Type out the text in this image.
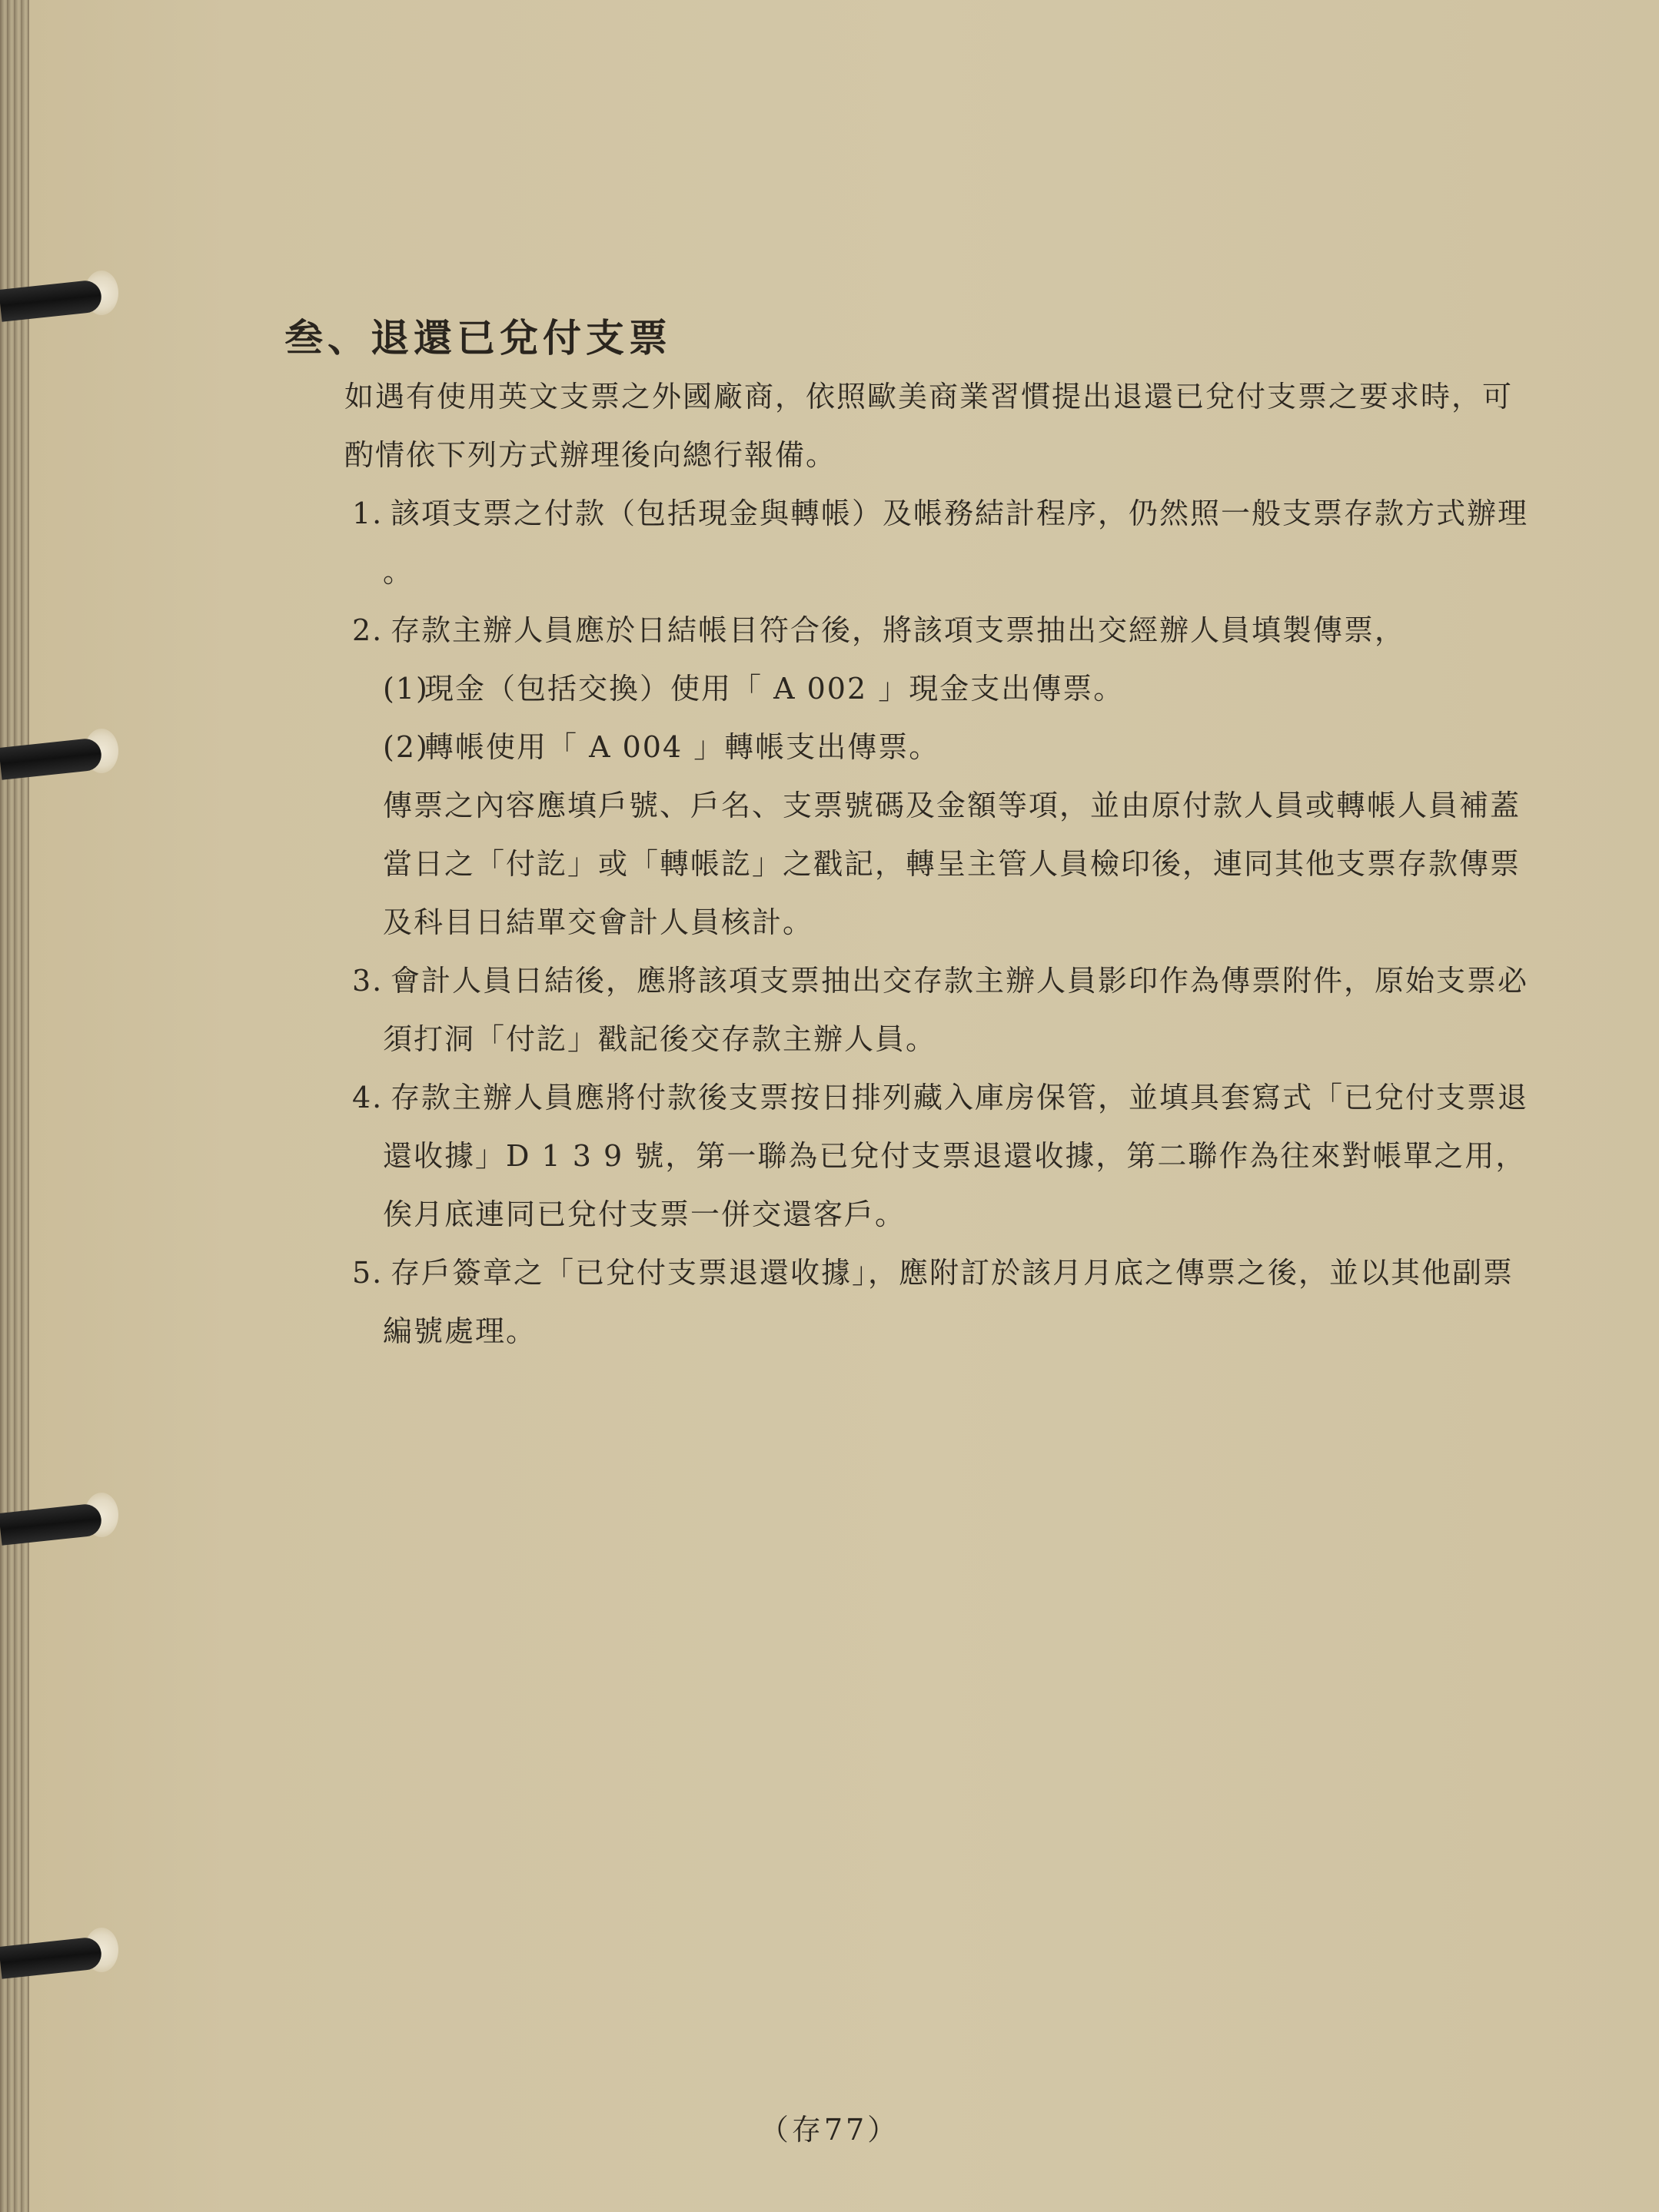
叁、退還已兌付支票
如遇有使用英文支票之外國廠商，依照歐美商業習慣提出退還已兌付支票之要求時，可
酌情依下列方式辦理後向總行報備。
1. 該項支票之付款（包括現金與轉帳）及帳務結計程序，仍然照一般支票存款方式辦理
。
2. 存款主辦人員應於日結帳目符合後，將該項支票抽出交經辦人員填製傳票，
(1)現金（包括交換）使用「 A 002 」現金支出傳票。
(2)轉帳使用「 A 004 」轉帳支出傳票。
傳票之內容應填戶號、戶名、支票號碼及金額等項，並由原付款人員或轉帳人員補蓋
當日之「付訖」或「轉帳訖」之戳記，轉呈主管人員檢印後，連同其他支票存款傳票
及科目日結單交會計人員核計。
3. 會計人員日結後，應將該項支票抽出交存款主辦人員影印作為傳票附件，原始支票必
須打洞「付訖」戳記後交存款主辦人員。
4. 存款主辦人員應將付款後支票按日排列藏入庫房保管，並填具套寫式「已兌付支票退
還收據」D 1 3 9 號，第一聯為已兌付支票退還收據，第二聯作為往來對帳單之用，
俟月底連同已兌付支票一併交還客戶。
5. 存戶簽章之「已兌付支票退還收據」，應附訂於該月月底之傳票之後，並以其他副票
編號處理。
（存77）
